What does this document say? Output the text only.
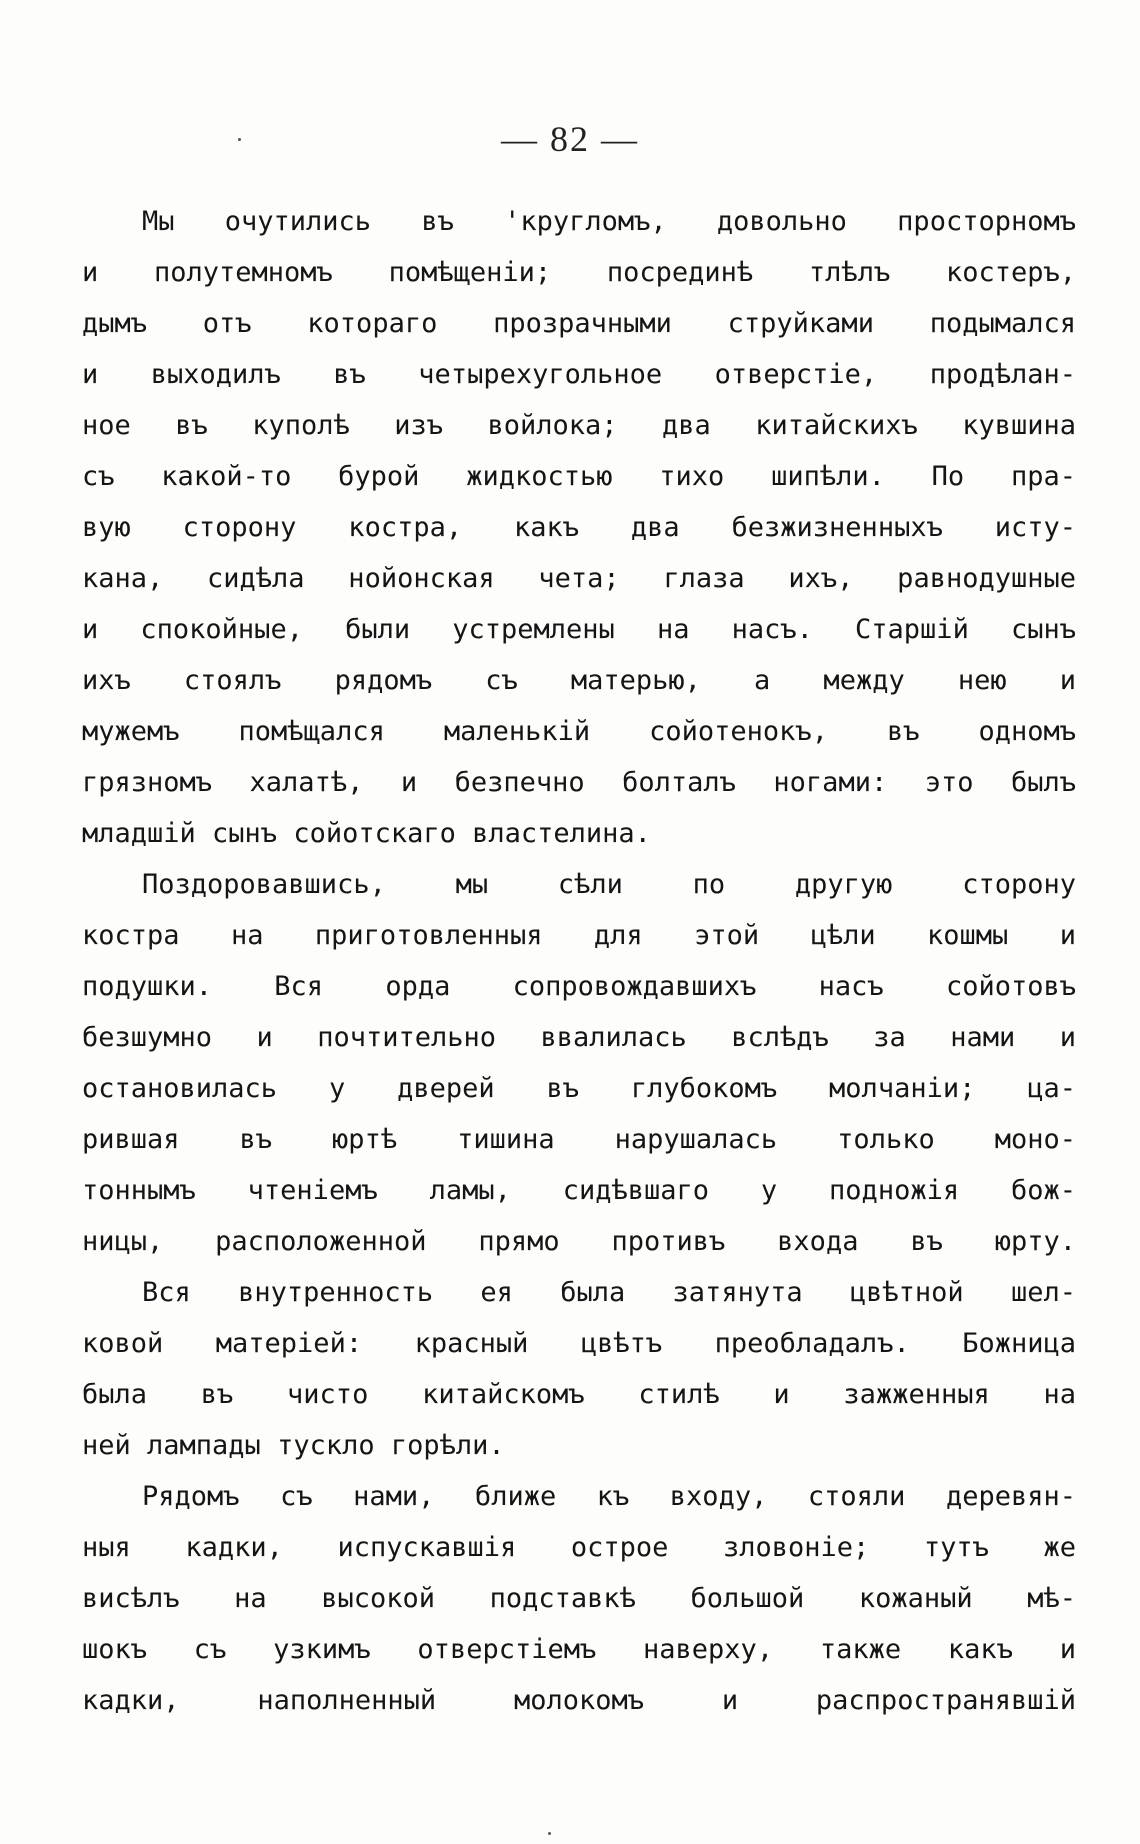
— 82 —
Мы очутились въ 'кругломъ, довольно просторномъ
и полутемномъ помѣщенiи; посрединѣ тлѣлъ костеръ,
дымъ отъ котораго прозрачными струйками подымался
и выходилъ въ четырехугольное отверстiе, продѣлан-
ное въ куполѣ изъ войлока; два китайскихъ кувшина
съ какой-то бурой жидкостью тихо шипѣли. По пра-
вую сторону костра, какъ два безжизненныхъ исту-
кана, сидѣла нойонская чета; глаза ихъ, равнодушные
и спокойные, были устремлены на насъ. Старшiй сынъ
ихъ стоялъ рядомъ съ матерью, а между нею и
мужемъ помѣщался маленькiй сойотенокъ, въ одномъ
грязномъ халатѣ, и безпечно болталъ ногами: это былъ
младшiй сынъ сойотскаго властелина.
Поздоровавшись, мы сѣли по другую сторону
костра на приготовленныя для этой цѣли кошмы и
подушки. Вся орда сопровождавшихъ насъ сойотовъ
безшумно и почтительно ввалилась вслѣдъ за нами и
остановилась у дверей въ глубокомъ молчанiи; ца-
рившая въ юртѣ тишина нарушалась только моно-
тоннымъ чтенiемъ ламы, сидѣвшаго у подножiя бож-
ницы, расположенной прямо противъ входа въ юрту.
Вся внутренность ея была затянута цвѣтной шел-
ковой матерiей: красный цвѣтъ преобладалъ. Божница
была въ чисто китайскомъ стилѣ и зажженныя на
ней лампады тускло горѣли.
Рядомъ съ нами, ближе къ входу, стояли деревян-
ныя кадки, испускавшiя острое зловонiе; тутъ же
висѣлъ на высокой подставкѣ большой кожаный мѣ-
шокъ съ узкимъ отверстiемъ наверху, также какъ и
кадки, наполненный молокомъ и распространявшiй
